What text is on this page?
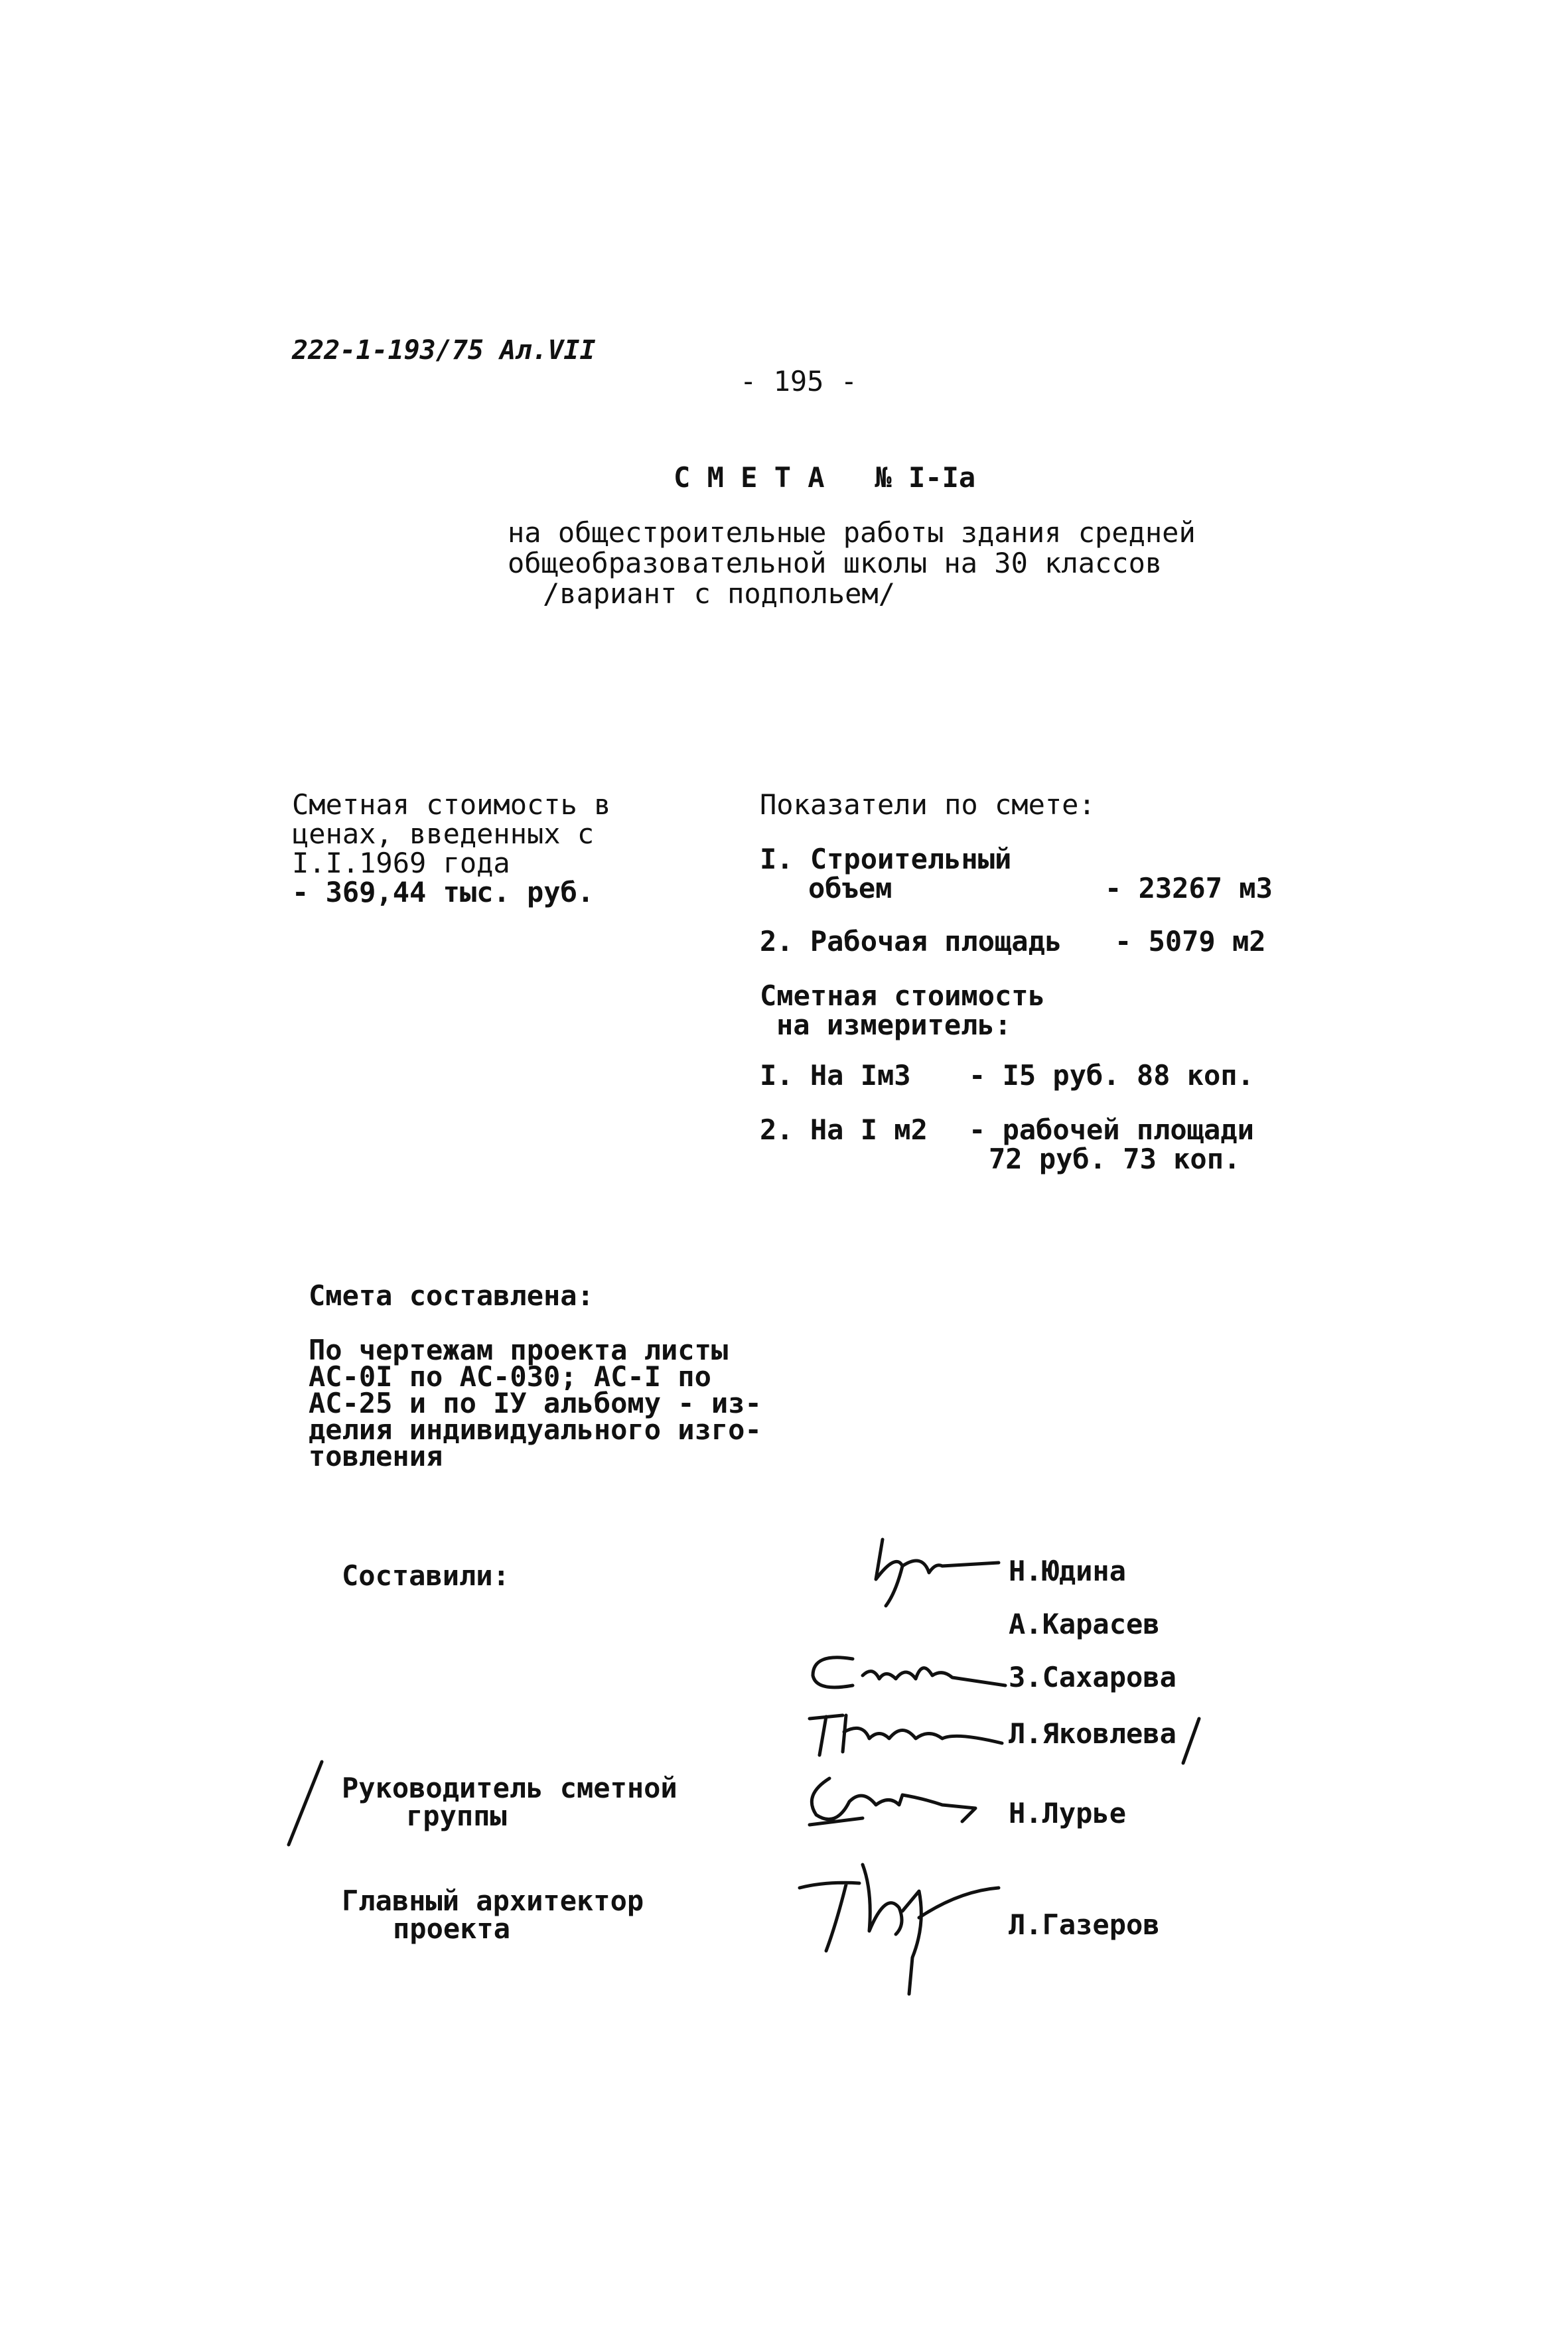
222-1-193/75 Ал.VII
- 195 -
С М Е Т А   № I-Ia
на общестроительные работы здания средней
общеобразовательной школы на 30 классов
/вариант с подпольем/
Сметная стоимость в
ценах, введенных с
I.I.1969 года
- 369,44 тыс. руб.
Показатели по смете:
I. Строительный
объем	- 23267 м3
2. Рабочая площадь - 5079 м2
Сметная стоимость
на измеритель:
I. На Iм3 - I5 руб. 88 коп.
2. На I м2 - рабочей площади
72 руб. 73 коп.
Смета составлена:
По чертежам проекта листы
АС-0I по АС-030; АС-I по
АС-25 и по IУ альбому - из-
делия индивидуального изго-
товления
Составили:
Руководитель сметной
группы
Главный архитектор
проекта
Н.Юдина
А.Карасев
З.Сахарова
Л.Яковлева
Н.Лурье
Л.Газеров
